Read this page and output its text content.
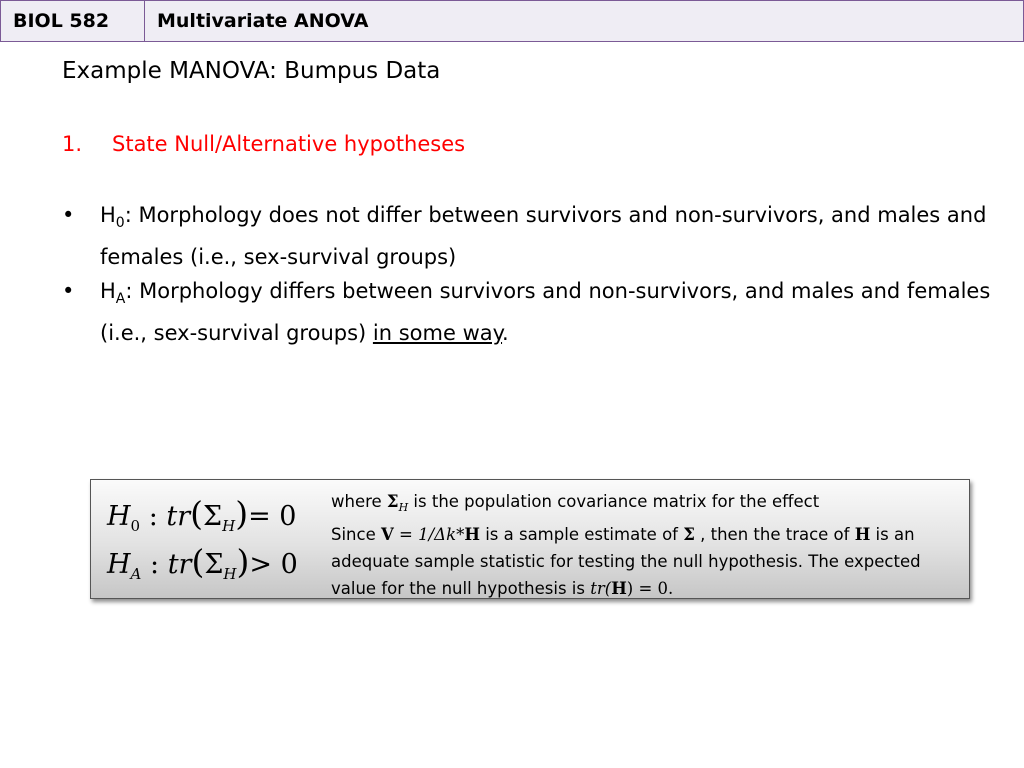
BIOL 582	Multivariate ANOVA
Example MANOVA: Bumpus Data
1.	State Null/Alternative hypotheses
• $H_0$: Morphology does not differ between survivors and non-survivors, and males and females (i.e., sex-survival groups)
• $H_A$: Morphology differs between survivors and non-survivors, and males and females (i.e., sex-survival groups) in some way.
$H_0$ : $tr(\Sigma_H)= 0$
$H_A$ : $tr(\Sigma_H)> 0$
where $\Sigma_H$ is the population covariance matrix for the effect
Since V = 1/Δk*H is a sample estimate of Σ , then the trace of H is an adequate sample statistic for testing the null hypothesis. The expected value for the null hypothesis is tr(H) = 0.
